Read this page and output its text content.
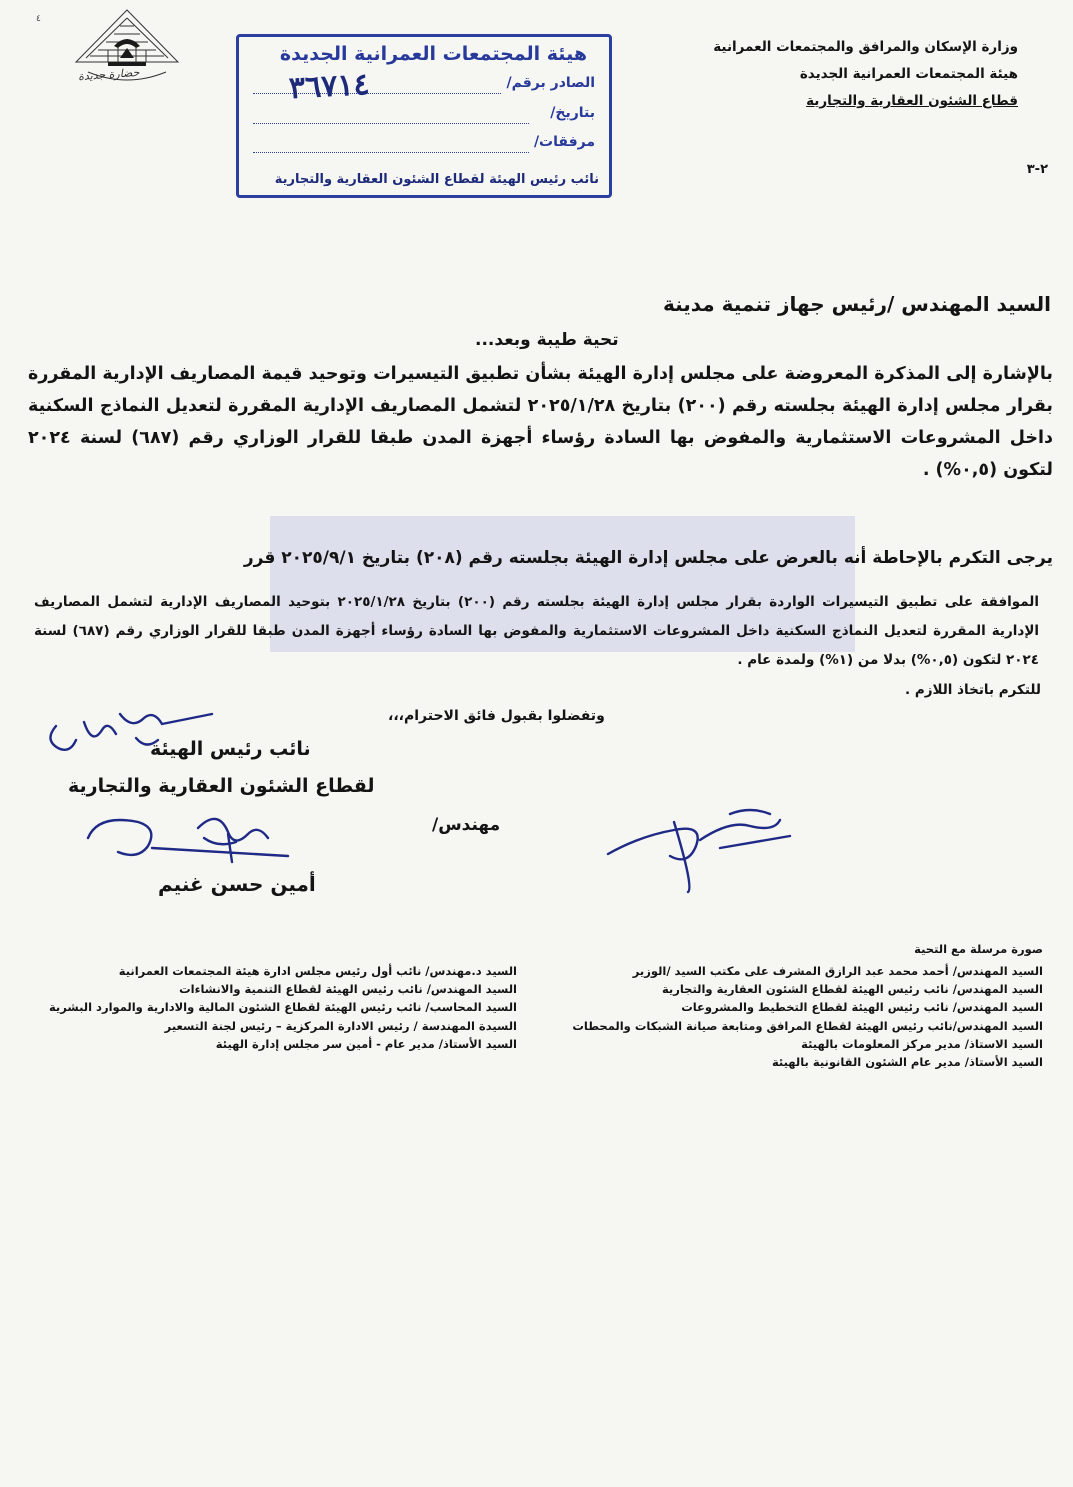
٤
حضارة جديدة
وزارة الإسكان والمرافق والمجتمعات العمرانية
هيئة المجتمعات العمرانية الجديدة
قطاع الشئون العقارية والتجارية
٢-٣
هيئة المجتمعات العمرانية الجديدة
الصادر برقم/
٣٦٧١٤
بتاريخ/
مرفقات/
نائب رئيس الهيئة لقطاع الشئون العقارية والتجارية
السيد المهندس /رئيس جهاز تنمية مدينة
تحية طيبة وبعد...
بالإشارة إلى المذكرة المعروضة على مجلس إدارة الهيئة بشأن تطبيق التيسيرات وتوحيد قيمة المصاريف الإدارية المقررة بقرار مجلس إدارة الهيئة بجلسته رقم (٢٠٠) بتاريخ ٢٠٢٥/١/٢٨ لتشمل المصاريف الإدارية المقررة لتعديل النماذج السكنية داخل المشروعات الاستثمارية والمفوض بها السادة رؤساء أجهزة المدن طبقا للقرار الوزاري رقم (٦٨٧) لسنة ٢٠٢٤ لتكون (٠,٥%) .
يرجى التكرم بالإحاطة أنه بالعرض على مجلس إدارة الهيئة بجلسته رقم (٢٠٨) بتاريخ ٢٠٢٥/٩/١ قرر
الموافقة على تطبيق التيسيرات الواردة بقرار مجلس إدارة الهيئة بجلسته رقم (٢٠٠) بتاريخ ٢٠٢٥/١/٢٨ بتوحيد المصاريف الإدارية لتشمل المصاريف الإدارية المقررة لتعديل النماذج السكنية داخل المشروعات الاستثمارية والمفوض بها السادة رؤساء أجهزة المدن طبقا للقرار الوزاري رقم (٦٨٧) لسنة ٢٠٢٤ لتكون (٠,٥%) بدلا من (١%) ولمدة عام .
للتكرم باتخاذ اللازم .
وتفضلوا بقبول فائق الاحترام،،،
نائب رئيس الهيئة
لقطاع الشئون العقارية والتجارية
مهندس/
أمين حسن غنيم
صورة مرسلة مع التحية
السيد المهندس/ أحمد محمد عبد الرازق المشرف على مكتب السيد /الوزير
السيد المهندس/ نائب رئيس الهيئة لقطاع الشئون العقارية والتجارية
السيد المهندس/ نائب رئيس الهيئة لقطاع التخطيط والمشروعات
السيد المهندس/نائب رئيس الهيئة لقطاع المرافق ومتابعة صيانة الشبكات والمحطات
السيد الاستاذ/ مدير مركز المعلومات بالهيئة
السيد الأستاذ/ مدير عام الشئون القانونية بالهيئة
السيد د.مهندس/ نائب أول رئيس مجلس ادارة هيئة المجتمعات العمرانية
السيد المهندس/ نائب رئيس الهيئة لقطاع التنمية والانشاءات
السيد المحاسب/ نائب رئيس الهيئة لقطاع الشئون المالية والادارية والموارد البشرية
السيدة المهندسة / رئيس الادارة المركزية – رئيس لجنة التسعير
السيد الأستاذ/ مدير عام - أمين سر مجلس إدارة الهيئة
